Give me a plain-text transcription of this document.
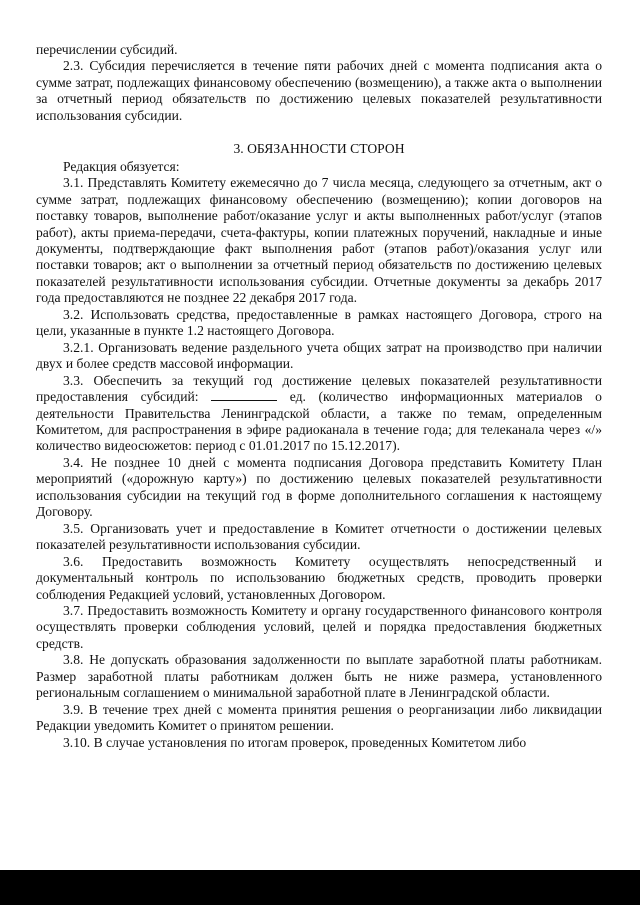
перечислении субсидий.

2.3. Субсидия перечисляется в течение пяти рабочих дней с момента подписания акта о сумме затрат, подлежащих финансовому обеспечению (возмещению), а также акта о выполнении за отчетный период обязательств по достижению целевых показателей результативности использования субсидии.

3. ОБЯЗАННОСТИ СТОРОН

Редакция обязуется:

3.1. Представлять Комитету ежемесячно до 7 числа месяца, следующего за отчетным, акт о сумме затрат, подлежащих финансовому обеспечению (возмещению); копии договоров на поставку товаров, выполнение работ/оказание услуг и акты выполненных работ/услуг (этапов работ), акты приема-передачи, счета-фактуры, копии платежных поручений, накладные и иные документы, подтверждающие факт выполнения работ (этапов работ)/оказания услуг или поставки товаров; акт о выполнении за отчетный период обязательств по достижению целевых показателей результативности использования субсидии. Отчетные документы за декабрь 2017 года предоставляются не позднее 22 декабря 2017 года.

3.2. Использовать средства, предоставленные в рамках настоящего Договора, строго на цели, указанные в пункте 1.2 настоящего Договора.

3.2.1. Организовать ведение раздельного учета общих затрат на производство при наличии двух и более средств массовой информации.

3.3. Обеспечить за текущий год достижение целевых показателей результативности предоставления субсидий:	ед. (количество информационных материалов о деятельности Правительства Ленинградской области, а также по темам, определенным Комитетом, для распространения в эфире радиоканала в течение года; для телеканала через «/» количество видеосюжетов: период с 01.01.2017 по 15.12.2017).

3.4. Не позднее 10 дней с момента подписания Договора представить Комитету План мероприятий («дорожную карту») по достижению целевых показателей результативности использования субсидии на текущий год в форме дополнительного соглашения к настоящему Договору.

3.5. Организовать учет и предоставление в Комитет отчетности о достижении целевых показателей результативности использования субсидии.

3.6. Предоставить возможность Комитету осуществлять непосредственный и документальный контроль по использованию бюджетных средств, проводить проверки соблюдения Редакцией условий, установленных Договором.

3.7. Предоставить возможность Комитету и органу государственного финансового контроля осуществлять проверки соблюдения условий, целей и порядка предоставления бюджетных средств.

3.8. Не допускать образования задолженности по выплате заработной платы работникам. Размер заработной платы работникам должен быть не ниже размера, установленного региональным соглашением о минимальной заработной плате в Ленинградской области.

3.9. В течение трех дней с момента принятия решения о реорганизации либо ликвидации Редакции уведомить Комитет о принятом решении.

3.10. В случае установления по итогам проверок, проведенных Комитетом либо
